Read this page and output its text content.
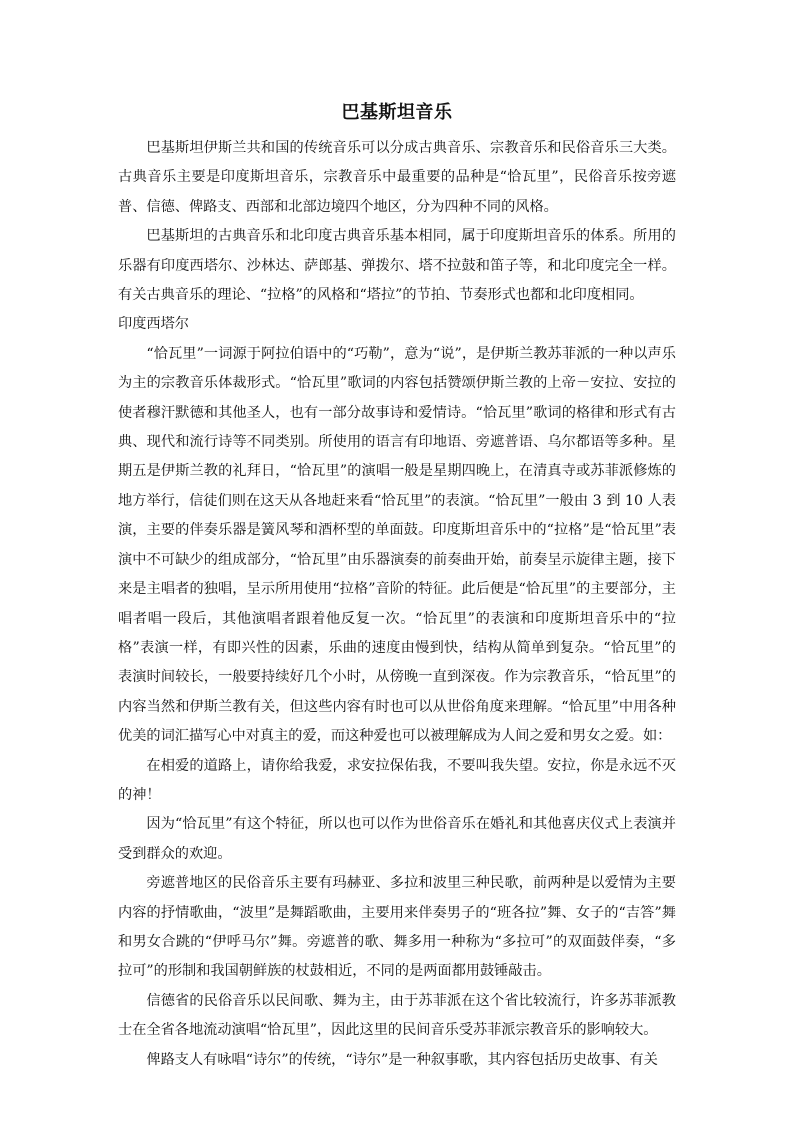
巴基斯坦音乐

巴基斯坦伊斯兰共和国的传统音乐可以分成古典音乐、宗教音乐和民俗音乐三大类。古典音乐主要是印度斯坦音乐，宗教音乐中最重要的品种是“恰瓦里”，民俗音乐按旁遮普、信德、俾路支、西部和北部边境四个地区，分为四种不同的风格。

巴基斯坦的古典音乐和北印度古典音乐基本相同，属于印度斯坦音乐的体系。所用的乐器有印度西塔尔、沙林达、萨郎基、弹拨尔、塔不拉鼓和笛子等，和北印度完全一样。有关古典音乐的理论、“拉格”的风格和“塔拉”的节拍、节奏形式也都和北印度相同。

印度西塔尔

“恰瓦里”一词源于阿拉伯语中的“巧勒”，意为“说”，是伊斯兰教苏菲派的一种以声乐为主的宗教音乐体裁形式。“恰瓦里”歌词的内容包括赞颂伊斯兰教的上帝－安拉、安拉的使者穆汗默德和其他圣人，也有一部分故事诗和爱情诗。“恰瓦里”歌词的格律和形式有古典、现代和流行诗等不同类别。所使用的语言有印地语、旁遮普语、乌尔都语等多种。星期五是伊斯兰教的礼拜日，“恰瓦里”的演唱一般是星期四晚上，在清真寺或苏菲派修炼的地方举行，信徒们则在这天从各地赶来看“恰瓦里”的表演。“恰瓦里”一般由 3 到 10 人表演，主要的伴奏乐器是簧风琴和酒杯型的单面鼓。印度斯坦音乐中的“拉格”是“恰瓦里”表演中不可缺少的组成部分，“恰瓦里”由乐器演奏的前奏曲开始，前奏呈示旋律主题，接下来是主唱者的独唱，呈示所用使用“拉格”音阶的特征。此后便是“恰瓦里”的主要部分，主唱者唱一段后，其他演唱者跟着他反复一次。“恰瓦里”的表演和印度斯坦音乐中的“拉格”表演一样，有即兴性的因素，乐曲的速度由慢到快，结构从简单到复杂。“恰瓦里”的表演时间较长，一般要持续好几个小时，从傍晚一直到深夜。作为宗教音乐，“恰瓦里”的内容当然和伊斯兰教有关，但这些内容有时也可以从世俗角度来理解。“恰瓦里”中用各种优美的词汇描写心中对真主的爱，而这种爱也可以被理解成为人间之爱和男女之爱。如：

在相爱的道路上，请你给我爱，求安拉保佑我，不要叫我失望。安拉，你是永远不灭的神！

因为“恰瓦里”有这个特征，所以也可以作为世俗音乐在婚礼和其他喜庆仪式上表演并受到群众的欢迎。

旁遮普地区的民俗音乐主要有玛赫亚、多拉和波里三种民歌，前两种是以爱情为主要内容的抒情歌曲，“波里”是舞蹈歌曲，主要用来伴奏男子的“班各拉”舞、女子的“吉答”舞和男女合跳的“伊呼马尔”舞。旁遮普的歌、舞多用一种称为“多拉可”的双面鼓伴奏，“多拉可”的形制和我国朝鲜族的杖鼓相近，不同的是两面都用鼓锤敲击。

信德省的民俗音乐以民间歌、舞为主，由于苏菲派在这个省比较流行，许多苏菲派教士在全省各地流动演唱“恰瓦里”，因此这里的民间音乐受苏菲派宗教音乐的影响较大。

俾路支人有咏唱“诗尔”的传统，“诗尔”是一种叙事歌，其内容包括历史故事、有关
